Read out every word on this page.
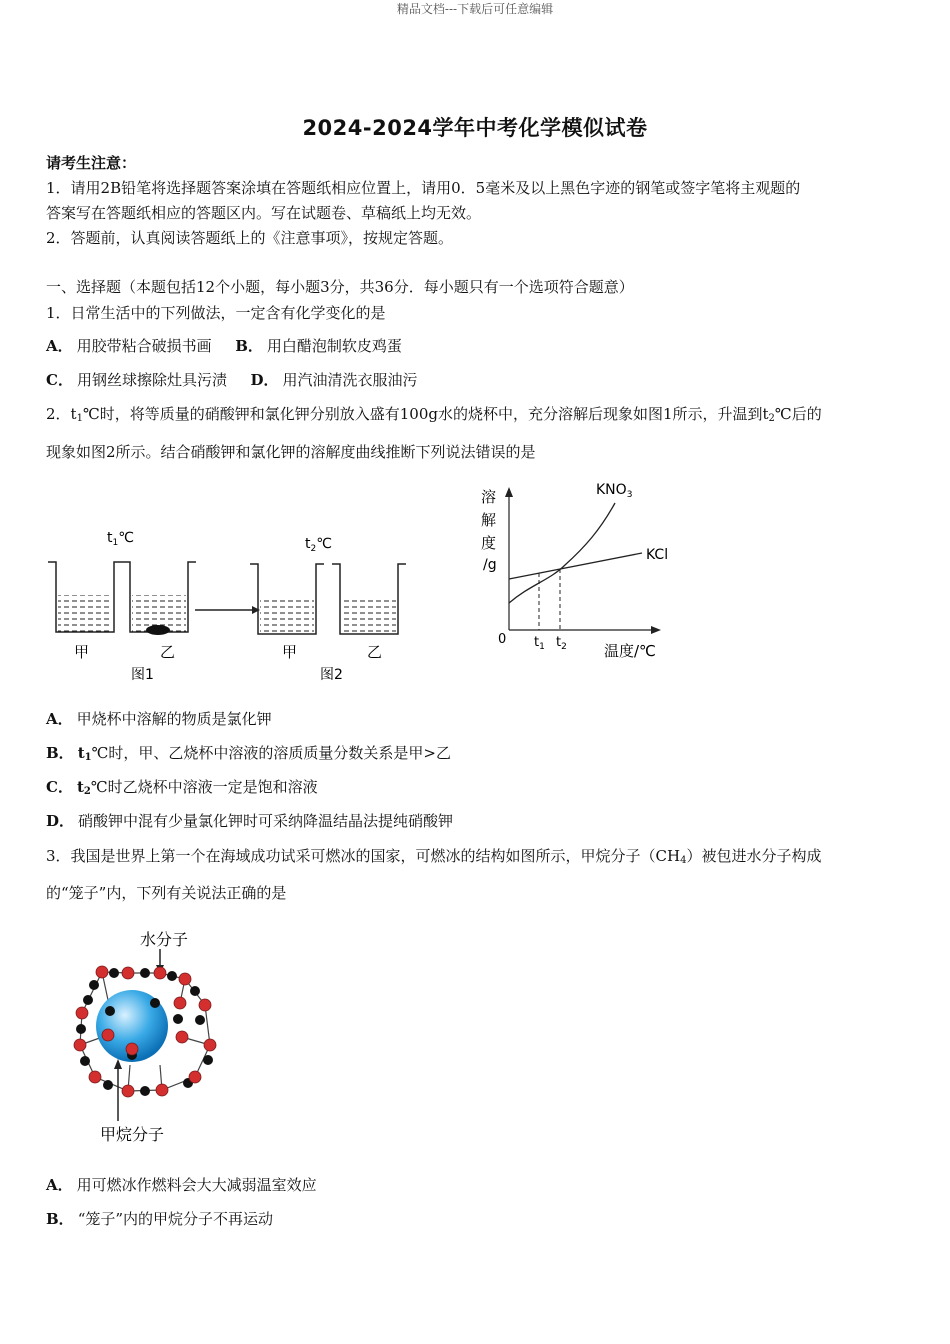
精品文档---下载后可任意编辑
2024-2024学年中考化学模似试卷
请考生注意：
1．请用2B铅笔将选择题答案涂填在答题纸相应位置上，请用0．5毫米及以上黑色字迹的钢笔或签字笔将主观题的
答案写在答题纸相应的答题区内。写在试题卷、草稿纸上均无效。
2．答题前，认真阅读答题纸上的《注意事项》，按规定答题。
一、选择题（本题包括12个小题，每小题3分，共36分．每小题只有一个选项符合题意）
1．日常生活中的下列做法，一定含有化学变化的是
A． 用胶带粘合破损书画 B． 用白醋泡制软皮鸡蛋
C． 用钢丝球擦除灶具污渍 D． 用汽油清洗衣服油污
2．$t_1℃$时，将等质量的硝酸钾和氯化钾分别放入盛有100g水的烧杯中，充分溶解后现象如图1所示，升温到$t_2℃$后的
现象如图2所示。结合硝酸钾和氯化钾的溶解度曲线推断下列说法错误的是
$t_1℃$	$t_2℃$
甲	乙	甲	乙
图1	图2
溶
解
度
/g
0 $t_1$ $t_2$ 温度/℃
$KNO_3$
KCl
A． 甲烧杯中溶解的物质是氯化钾
B． $t_1℃$时，甲、乙烧杯中溶液的溶质质量分数关系是甲>乙
C． $t_2℃$时乙烧杯中溶液一定是饱和溶液
D． 硝酸钾中混有少量氯化钾时可采纳降温结晶法提纯硝酸钾
3．我国是世界上第一个在海域成功试采可燃冰的国家，可燃冰的结构如图所示，甲烷分子$(CH_4)$被包进水分子构成
的“笼子”内，下列有关说法正确的是
水分子
甲烷分子
A． 用可燃冰作燃料会大大减弱温室效应
B． “笼子”内的甲烷分子不再运动
